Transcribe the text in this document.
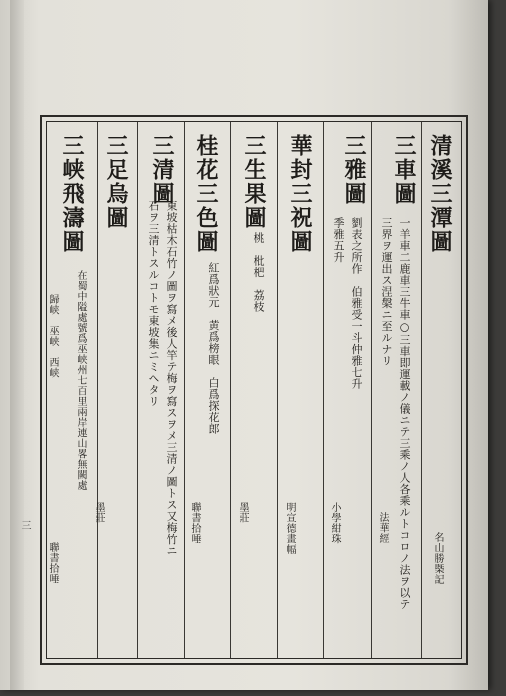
三
清溪三潭圖
名山勝槩記
三車圖
一羊車二鹿車三牛車○三車即運載ノ儀ニテ三乘ノ人各乘ルトコロノ法ヲ以テ
三界ヲ運出ス涅槃ニ至ルナリ
法華經
三雅圖
劉表之所作　伯雅受一斗仲雅七升
季雅五升
小學紺珠
華封三祝圖
明宣德畫幅
三生果圖
桃　枇杷　荔枝
墨莊
桂花三色圖
紅爲狀元　黄爲榜眼　白爲探花郎
三清圖
東坡枯木石竹ノ圖ヲ寫メ後人竿テ梅ヲ寫スヲメ三清ノ圖トス又梅竹ニ
石ヲ三清トスルコトモ東坡集ニミヘタリ
聯書拾唾
三足烏圖
墨莊
三峡飛濤圖
在蜀中隘處號爲巫峡州七百里兩岸連山畧無闕處
歸峡　巫峡　西峡
聯書拾唾
